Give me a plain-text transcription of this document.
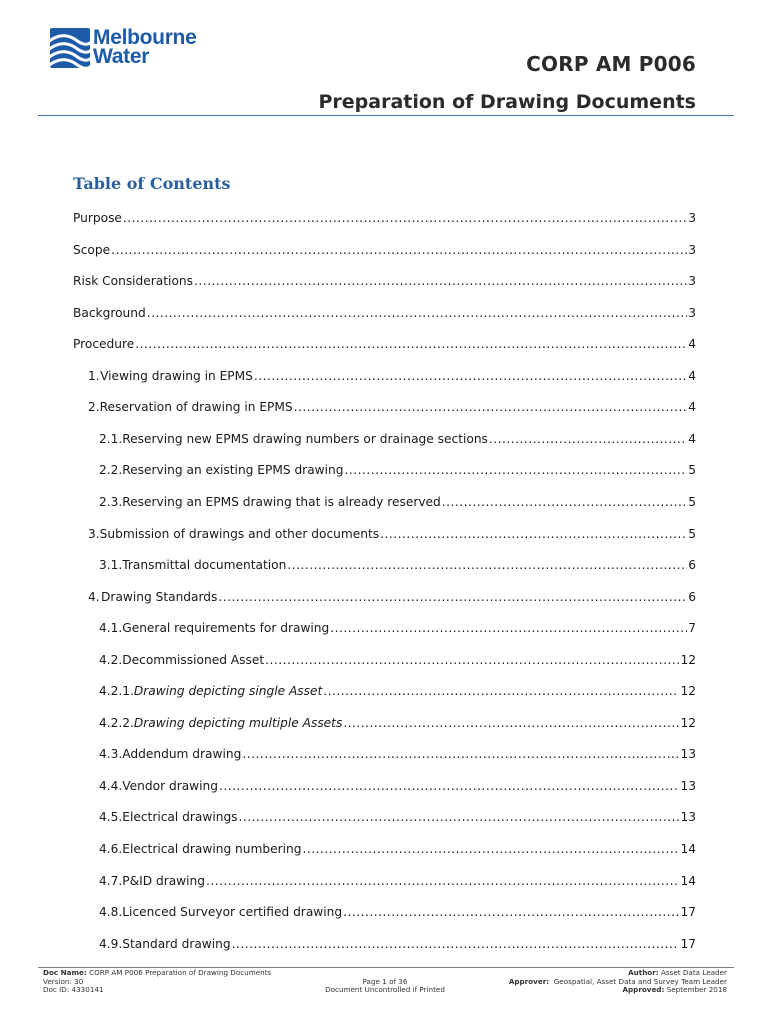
Melbourne
Water	CORP AM P006
Preparation of Drawing Documents
Table of Contents
Purpose .....	3
Scope .....	3
Risk Considerations .....	3
Background .....	3
Procedure .....	4
1. Viewing drawing in EPMS .....	4
2. Reservation of drawing in EPMS .....	4
2.1. Reserving new EPMS drawing numbers or drainage sections .....	4
2.2. Reserving an existing EPMS drawing .....	5
2.3. Reserving an EPMS drawing that is already reserved .....	5
3. Submission of drawings and other documents .....	5
3.1. Transmittal documentation .....	6
4. Drawing Standards .....	6
4.1. General requirements for drawing .....	7
4.2. Decommissioned Asset .....	12
4.2.1. Drawing depicting single Asset .....	12
4.2.2. Drawing depicting multiple Assets .....	12
4.3. Addendum drawing .....	13
4.4. Vendor drawing .....	13
4.5. Electrical drawings .....	13
4.6. Electrical drawing numbering .....	14
4.7. P&ID drawing .....	14
4.8. Licenced Surveyor certified drawing .....	17
4.9. Standard drawing .....	17
Doc Name: CORP AM P006 Preparation of Drawing Documents
Version: 30
Doc ID: 4330141

Page 1 of 36
Document Uncontrolled if Printed
Author: Asset Data Leader
Approver: Geospatial, Asset Data and Survey Team Leader
Approved: September 2018
